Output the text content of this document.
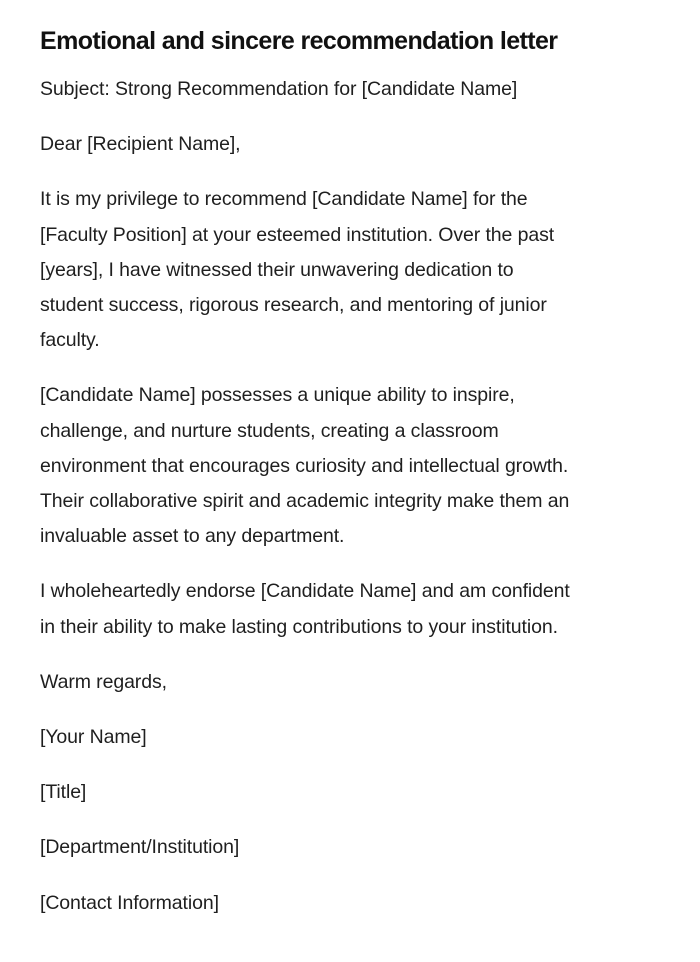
Emotional and sincere recommendation letter

Subject: Strong Recommendation for [Candidate Name]

Dear [Recipient Name],

It is my privilege to recommend [Candidate Name] for the
[Faculty Position] at your esteemed institution. Over the past
[years], I have witnessed their unwavering dedication to
student success, rigorous research, and mentoring of junior
faculty.

[Candidate Name] possesses a unique ability to inspire,
challenge, and nurture students, creating a classroom
environment that encourages curiosity and intellectual growth.
Their collaborative spirit and academic integrity make them an
invaluable asset to any department.

I wholeheartedly endorse [Candidate Name] and am confident
in their ability to make lasting contributions to your institution.

Warm regards,

[Your Name]

[Title]

[Department/Institution]

[Contact Information]
